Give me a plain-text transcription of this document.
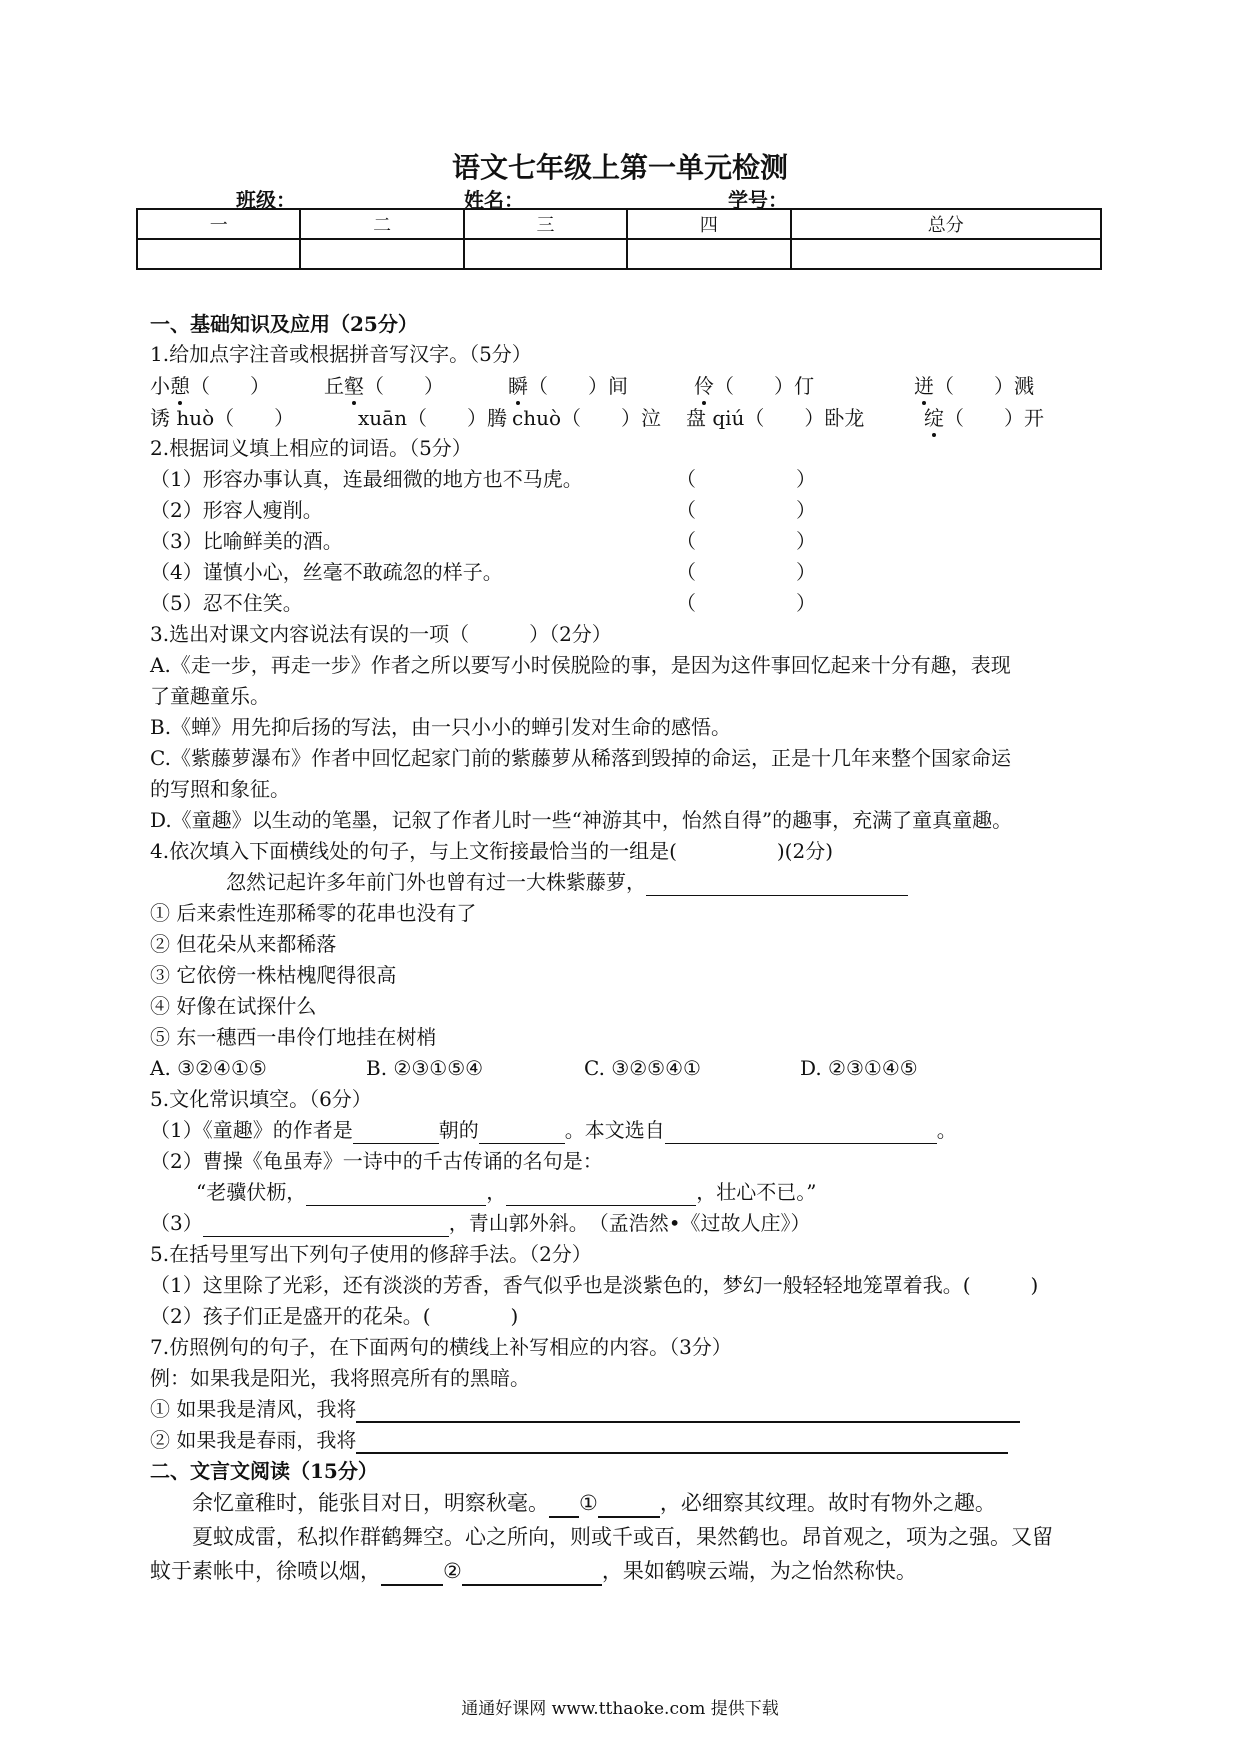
语文七年级上第一单元检测
班级：	姓名：	学号：
一	二	三	四	总分

一、基础知识及应用（25分）
1.给加点字注音或根据拼音写汉字。（5分）
小憩（　　）	丘壑（　　）	瞬（　　）间	伶（　　）仃	迸（　　）溅
诱 huò（　　）	xuān（　　）腾 chuò（　　）泣 盘 qiú（　　）卧龙	绽（　　）开
2.根据词义填上相应的词语。（5分）
（1）形容办事认真，连最细微的地方也不马虎。	（　　　　　）
（2）形容人瘦削。	（　　　　　）
（3）比喻鲜美的酒。	（　　　　　）
（4）谨慎小心，丝毫不敢疏忽的样子。	（　　　　　）
（5）忍不住笑。	（　　　　　）
3.选出对课文内容说法有误的一项（　　　）（2分）
A.《走一步，再走一步》作者之所以要写小时侯脱险的事，是因为这件事回忆起来十分有趣，表现
了童趣童乐。
B.《蝉》用先抑后扬的写法，由一只小小的蝉引发对生命的感悟。
C.《紫藤萝瀑布》作者中回忆起家门前的紫藤萝从稀落到毁掉的命运，正是十几年来整个国家命运
的写照和象征。
D.《童趣》以生动的笔墨，记叙了作者儿时一些“神游其中，怡然自得”的趣事，充满了童真童趣。
4.依次填入下面横线处的句子，与上文衔接最恰当的一组是(　　　　　)(2分)
忽然记起许多年前门外也曾有过一大株紫藤萝，
① 后来索性连那稀零的花串也没有了
② 但花朵从来都稀落
③ 它依傍一株枯槐爬得很高
④ 好像在试探什么
⑤ 东一穗西一串伶仃地挂在树梢
A. ③②④①⑤	B. ②③①⑤④	C. ③②⑤④①	D. ②③①④⑤
5.文化常识填空。（6分）
（1）《童趣》的作者是	朝的	。本文选自	。
（2）曹操《龟虽寿》一诗中的千古传诵的名句是：
“老骥伏枥，	，	，壮心不已。”
（3）	，青山郭外斜。　（孟浩然•《过故人庄》）
5.在括号里写出下列句子使用的修辞手法。（2分）
（1）这里除了光彩，还有淡淡的芳香，香气似乎也是淡紫色的，梦幻一般轻轻地笼罩着我。(　　　)
（2）孩子们正是盛开的花朵。(　　　　)
7.仿照例句的句子，在下面两句的横线上补写相应的内容。（3分）
例：如果我是阳光，我将照亮所有的黑暗。
① 如果我是清风，我将
② 如果我是春雨，我将
二、文言文阅读（15分）
余忆童稚时，能张目对日，明察秋毫。 ①	，必细察其纹理。故时有物外之趣。
夏蚊成雷，私拟作群鹤舞空。心之所向，则或千或百，果然鹤也。昂首观之，项为之强。又留
蚊于素帐中，徐喷以烟，	②	，果如鹤唳云端，为之怡然称快。
通通好课网 www.tthaoke.com 提供下载
